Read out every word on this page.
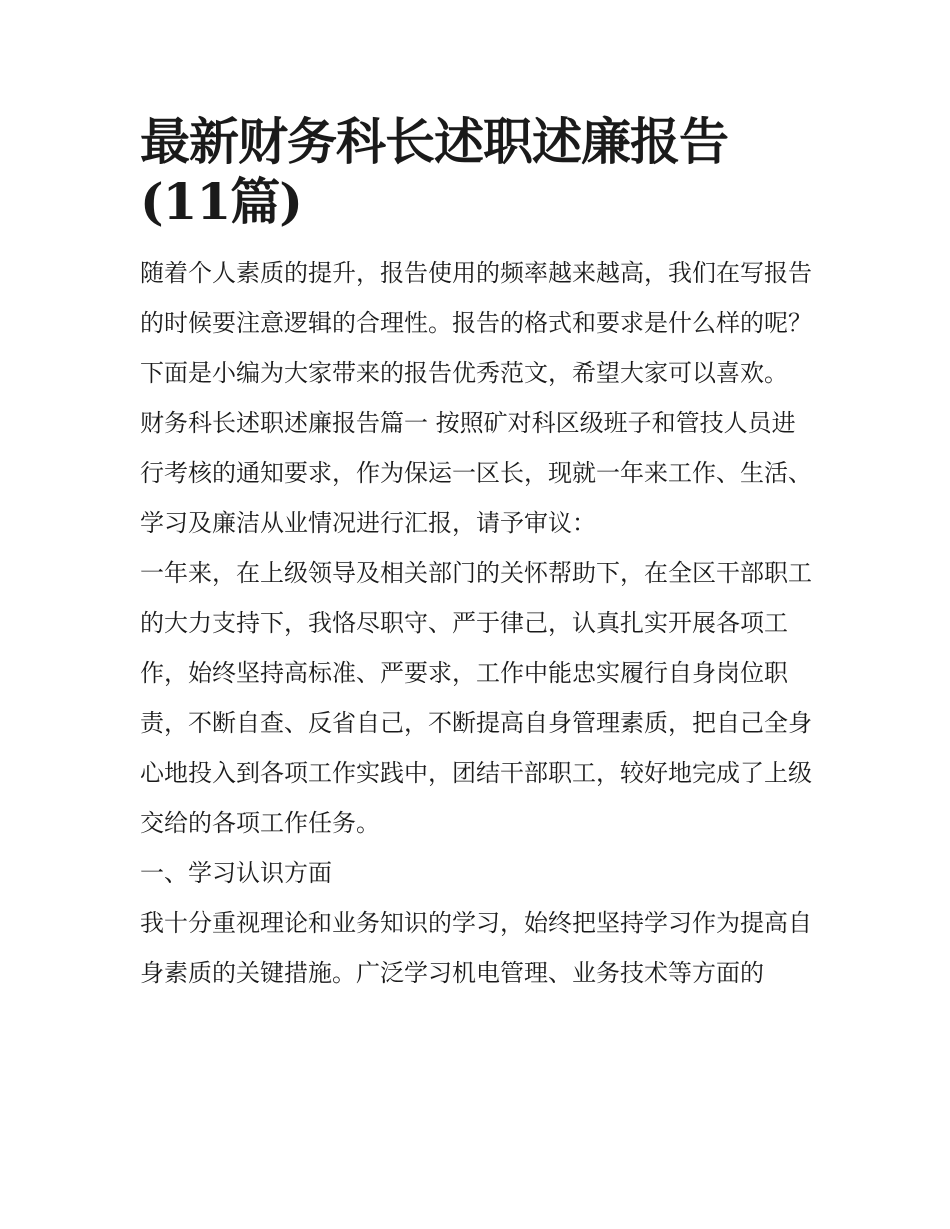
最新财务科长述职述廉报告(11篇)

随着个人素质的提升，报告使用的频率越来越高，我们在写报告的时候要注意逻辑的合理性。报告的格式和要求是什么样的呢？下面是小编为大家带来的报告优秀范文，希望大家可以喜欢。

财务科长述职述廉报告篇一 按照矿对科区级班子和管技人员进行考核的通知要求，作为保运一区长，现就一年来工作、生活、学习及廉洁从业情况进行汇报，请予审议：

一年来，在上级领导及相关部门的关怀帮助下，在全区干部职工的大力支持下，我恪尽职守、严于律己，认真扎实开展各项工作，始终坚持高标准、严要求，工作中能忠实履行自身岗位职责，不断自查、反省自己，不断提高自身管理素质，把自己全身心地投入到各项工作实践中，团结干部职工，较好地完成了上级交给的各项工作任务。

一、学习认识方面

我十分重视理论和业务知识的学习，始终把坚持学习作为提高自身素质的关键措施。广泛学习机电管理、业务技术等方面的
